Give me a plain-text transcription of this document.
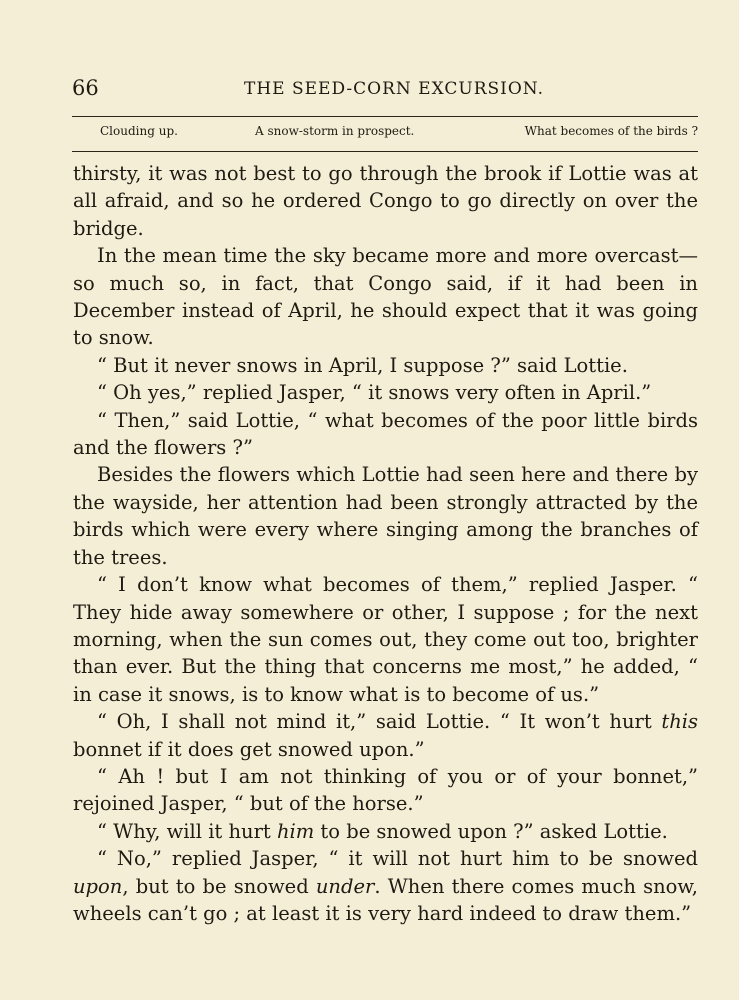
66	THE SEED-CORN EXCURSION.
Clouding up.	A snow-storm in prospect.	What becomes of the birds ?

thirsty, it was not best to go through the brook if Lottie was at all afraid, and so he ordered Congo to go directly on over the bridge.

In the mean time the sky became more and more overcast—so much so, in fact, that Congo said, if it had been in December instead of April, he should expect that it was going to snow.

“ But it never snows in April, I suppose ?” said Lottie.

“ Oh yes,” replied Jasper, “ it snows very often in April.”

“ Then,” said Lottie, “ what becomes of the poor little birds and the flowers ?”

Besides the flowers which Lottie had seen here and there by the wayside, her attention had been strongly attracted by the birds which were every where singing among the branches of the trees.

“ I don’t know what becomes of them,” replied Jasper. “ They hide away somewhere or other, I suppose ; for the next morning, when the sun comes out, they come out too, brighter than ever. But the thing that concerns me most,” he added, “ in case it snows, is to know what is to become of us.”

“ Oh, I shall not mind it,” said Lottie. “ It won’t hurt this bonnet if it does get snowed upon.”

“ Ah ! but I am not thinking of you or of your bonnet,” rejoined Jasper, “ but of the horse.”

“ Why, will it hurt him to be snowed upon ?” asked Lottie.

“ No,” replied Jasper, “ it will not hurt him to be snowed upon, but to be snowed under. When there comes much snow, wheels can’t go ; at least it is very hard indeed to draw them.”
